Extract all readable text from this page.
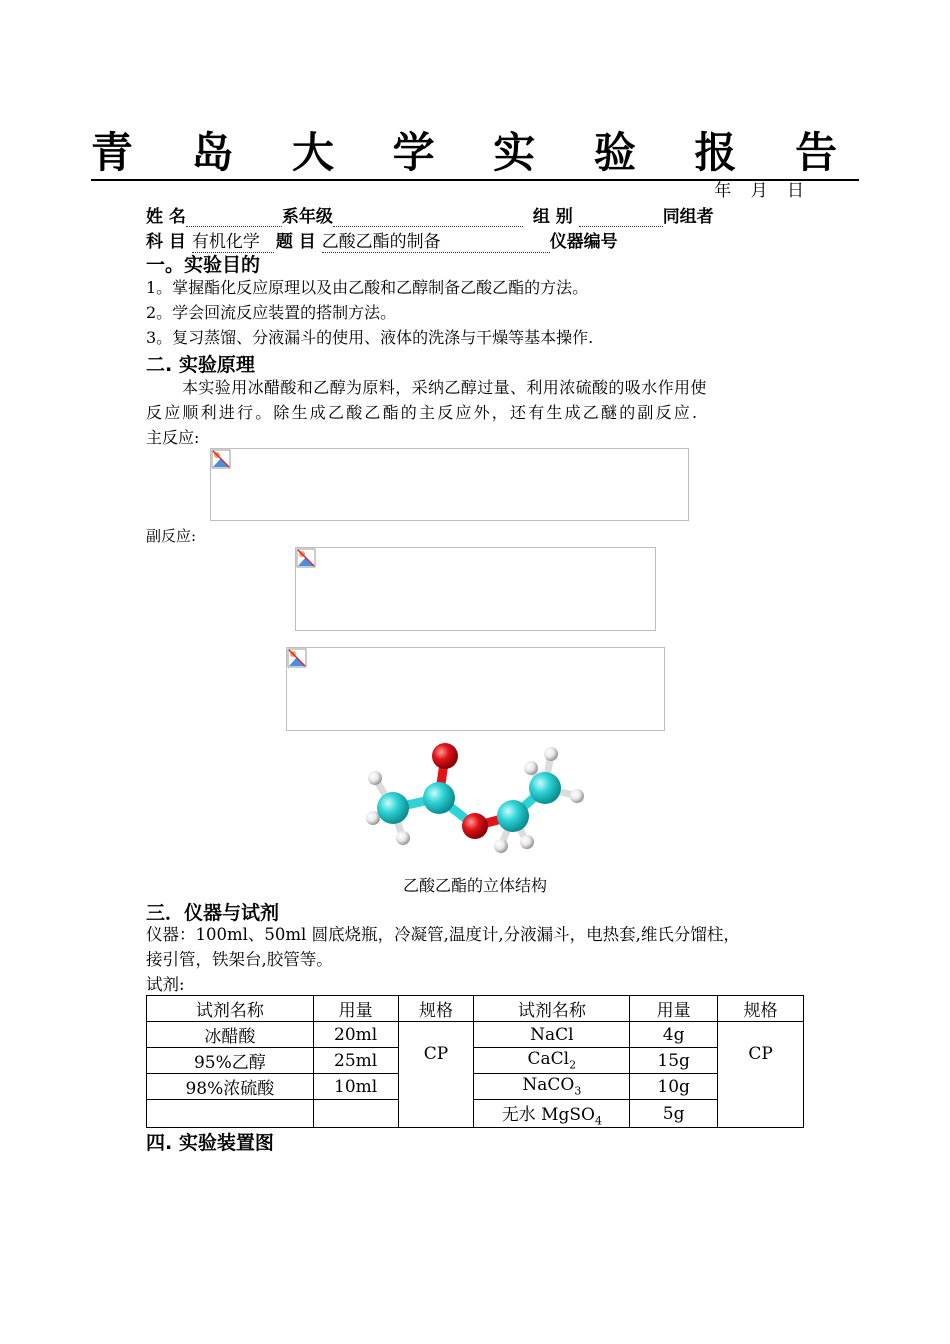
青 岛 大 学 实 验 报 告
年 月 日
姓 名	系年级	组 别	同组者
科 目 有机化学 题 目 乙酸乙酯的制备	仪器编号
一。实验目的
1。掌握酯化反应原理以及由乙酸和乙醇制备乙酸乙酯的方法。
2。学会回流反应装置的搭制方法。
3。复习蒸馏、分液漏斗的使用、液体的洗涤与干燥等基本操作.
二. 实验原理
本实验用冰醋酸和乙醇为原料，采纳乙醇过量、利用浓硫酸的吸水作用使
反应顺利进行。除生成乙酸乙酯的主反应外，还有生成乙醚的副反应.
主反应:
副反应:
乙酸乙酯的立体结构
三．仪器与试剂
仪器：100ml、50ml 圆底烧瓶，冷凝管,温度计,分液漏斗，电热套,维氏分馏柱，
接引管，铁架台,胶管等。
试剂:
试剂名称	用量	规格	试剂名称	用量	规格
冰醋酸	20ml	CP	NaCl	4g	CP
95%乙醇	25ml		CaCl$_2$	15g	
98%浓硫酸	10ml		NaCO$_3$	10g	
			无水 MgSO$_4$	5g	
四. 实验装置图
